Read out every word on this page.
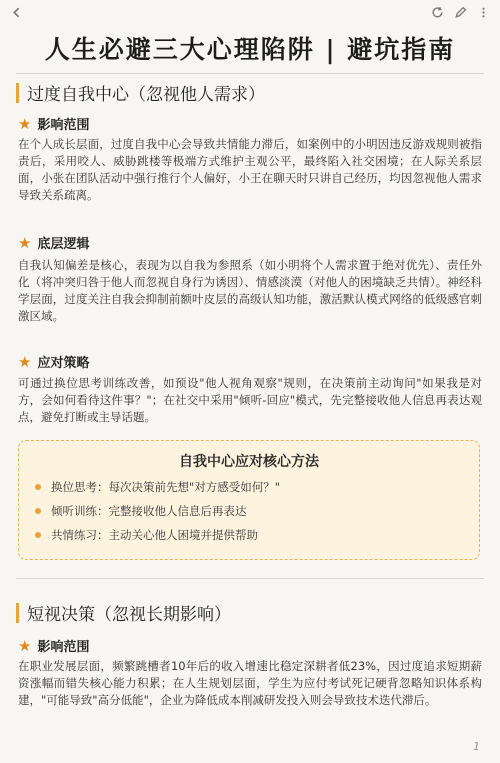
人生必避三大心理陷阱 | 避坑指南
过度自我中心（忽视他人需求）
★ 影响范围
在个人成长层面，过度自我中心会导致共情能力滞后，如案例中的小明因违反游戏规则被指责后，采用咬人、威胁跳楼等极端方式维护主观公平，最终陷入社交困境；在人际关系层面，小张在团队活动中强行推行个人偏好，小王在聊天时只讲自己经历，均因忽视他人需求导致关系疏离。
★ 底层逻辑
自我认知偏差是核心，表现为以自我为参照系（如小明将个人需求置于绝对优先）、责任外化（将冲突归咎于他人而忽视自身行为诱因）、情感淡漠（对他人的困境缺乏共情）。神经科学层面，过度关注自我会抑制前额叶皮层的高级认知功能，激活默认模式网络的低级感官刺激区域。
★ 应对策略
可通过换位思考训练改善，如预设"他人视角观察"规则，在决策前主动询问"如果我是对方，会如何看待这件事？"；在社交中采用"倾听-回应"模式，先完整接收他人信息再表达观点，避免打断或主导话题。
自我中心应对核心方法
换位思考：每次决策前先想"对方感受如何？"
倾听训练：完整接收他人信息后再表达
共情练习：主动关心他人困境并提供帮助
短视决策（忽视长期影响）
★ 影响范围
在职业发展层面，频繁跳槽者10年后的收入增速比稳定深耕者低23%，因过度追求短期薪资涨幅而错失核心能力积累；在人生规划层面，学生为应付考试死记硬背忽略知识体系构建，"可能导致"高分低能"，企业为降低成本削减研发投入则会导致技术迭代滞后。
1
